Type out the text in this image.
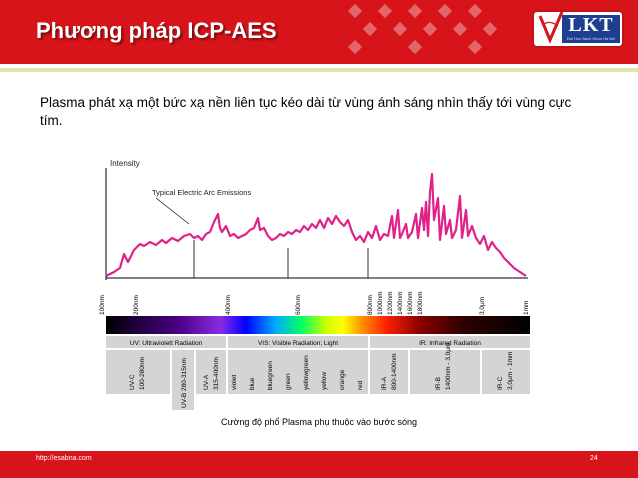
Phương pháp ICP-AES	LKT
Đại Học Bách Khoa Hà Nội
Plasma phát xạ một bức xạ nền liên tục kéo dài từ vùng ánh sáng nhìn thấy tới vùng cực tím.
Intensity
Typical Electric Arc Emissions
100nm	200nm	400nm	600nm	800nm 1000nm 1200nm 1400nm 1600nm 1800nm	3,0µm	1mm
UV: Ultraviolett Radiation	VIS: Visible Radiation; Light	IR: Infrared Radiation
UV-C 100-280nm	UV-B 280-315nm UV-A 315-400nm violet blue bluegreen green yellowgreen yellow orange red	IR-A 800-1400nm	IR-B 1400nm - 3,0µm	IR-C 3,0µm - 1mm
Cường độ phổ Plasma phụ thuộc vào bước sóng
http://esabna.com	24
